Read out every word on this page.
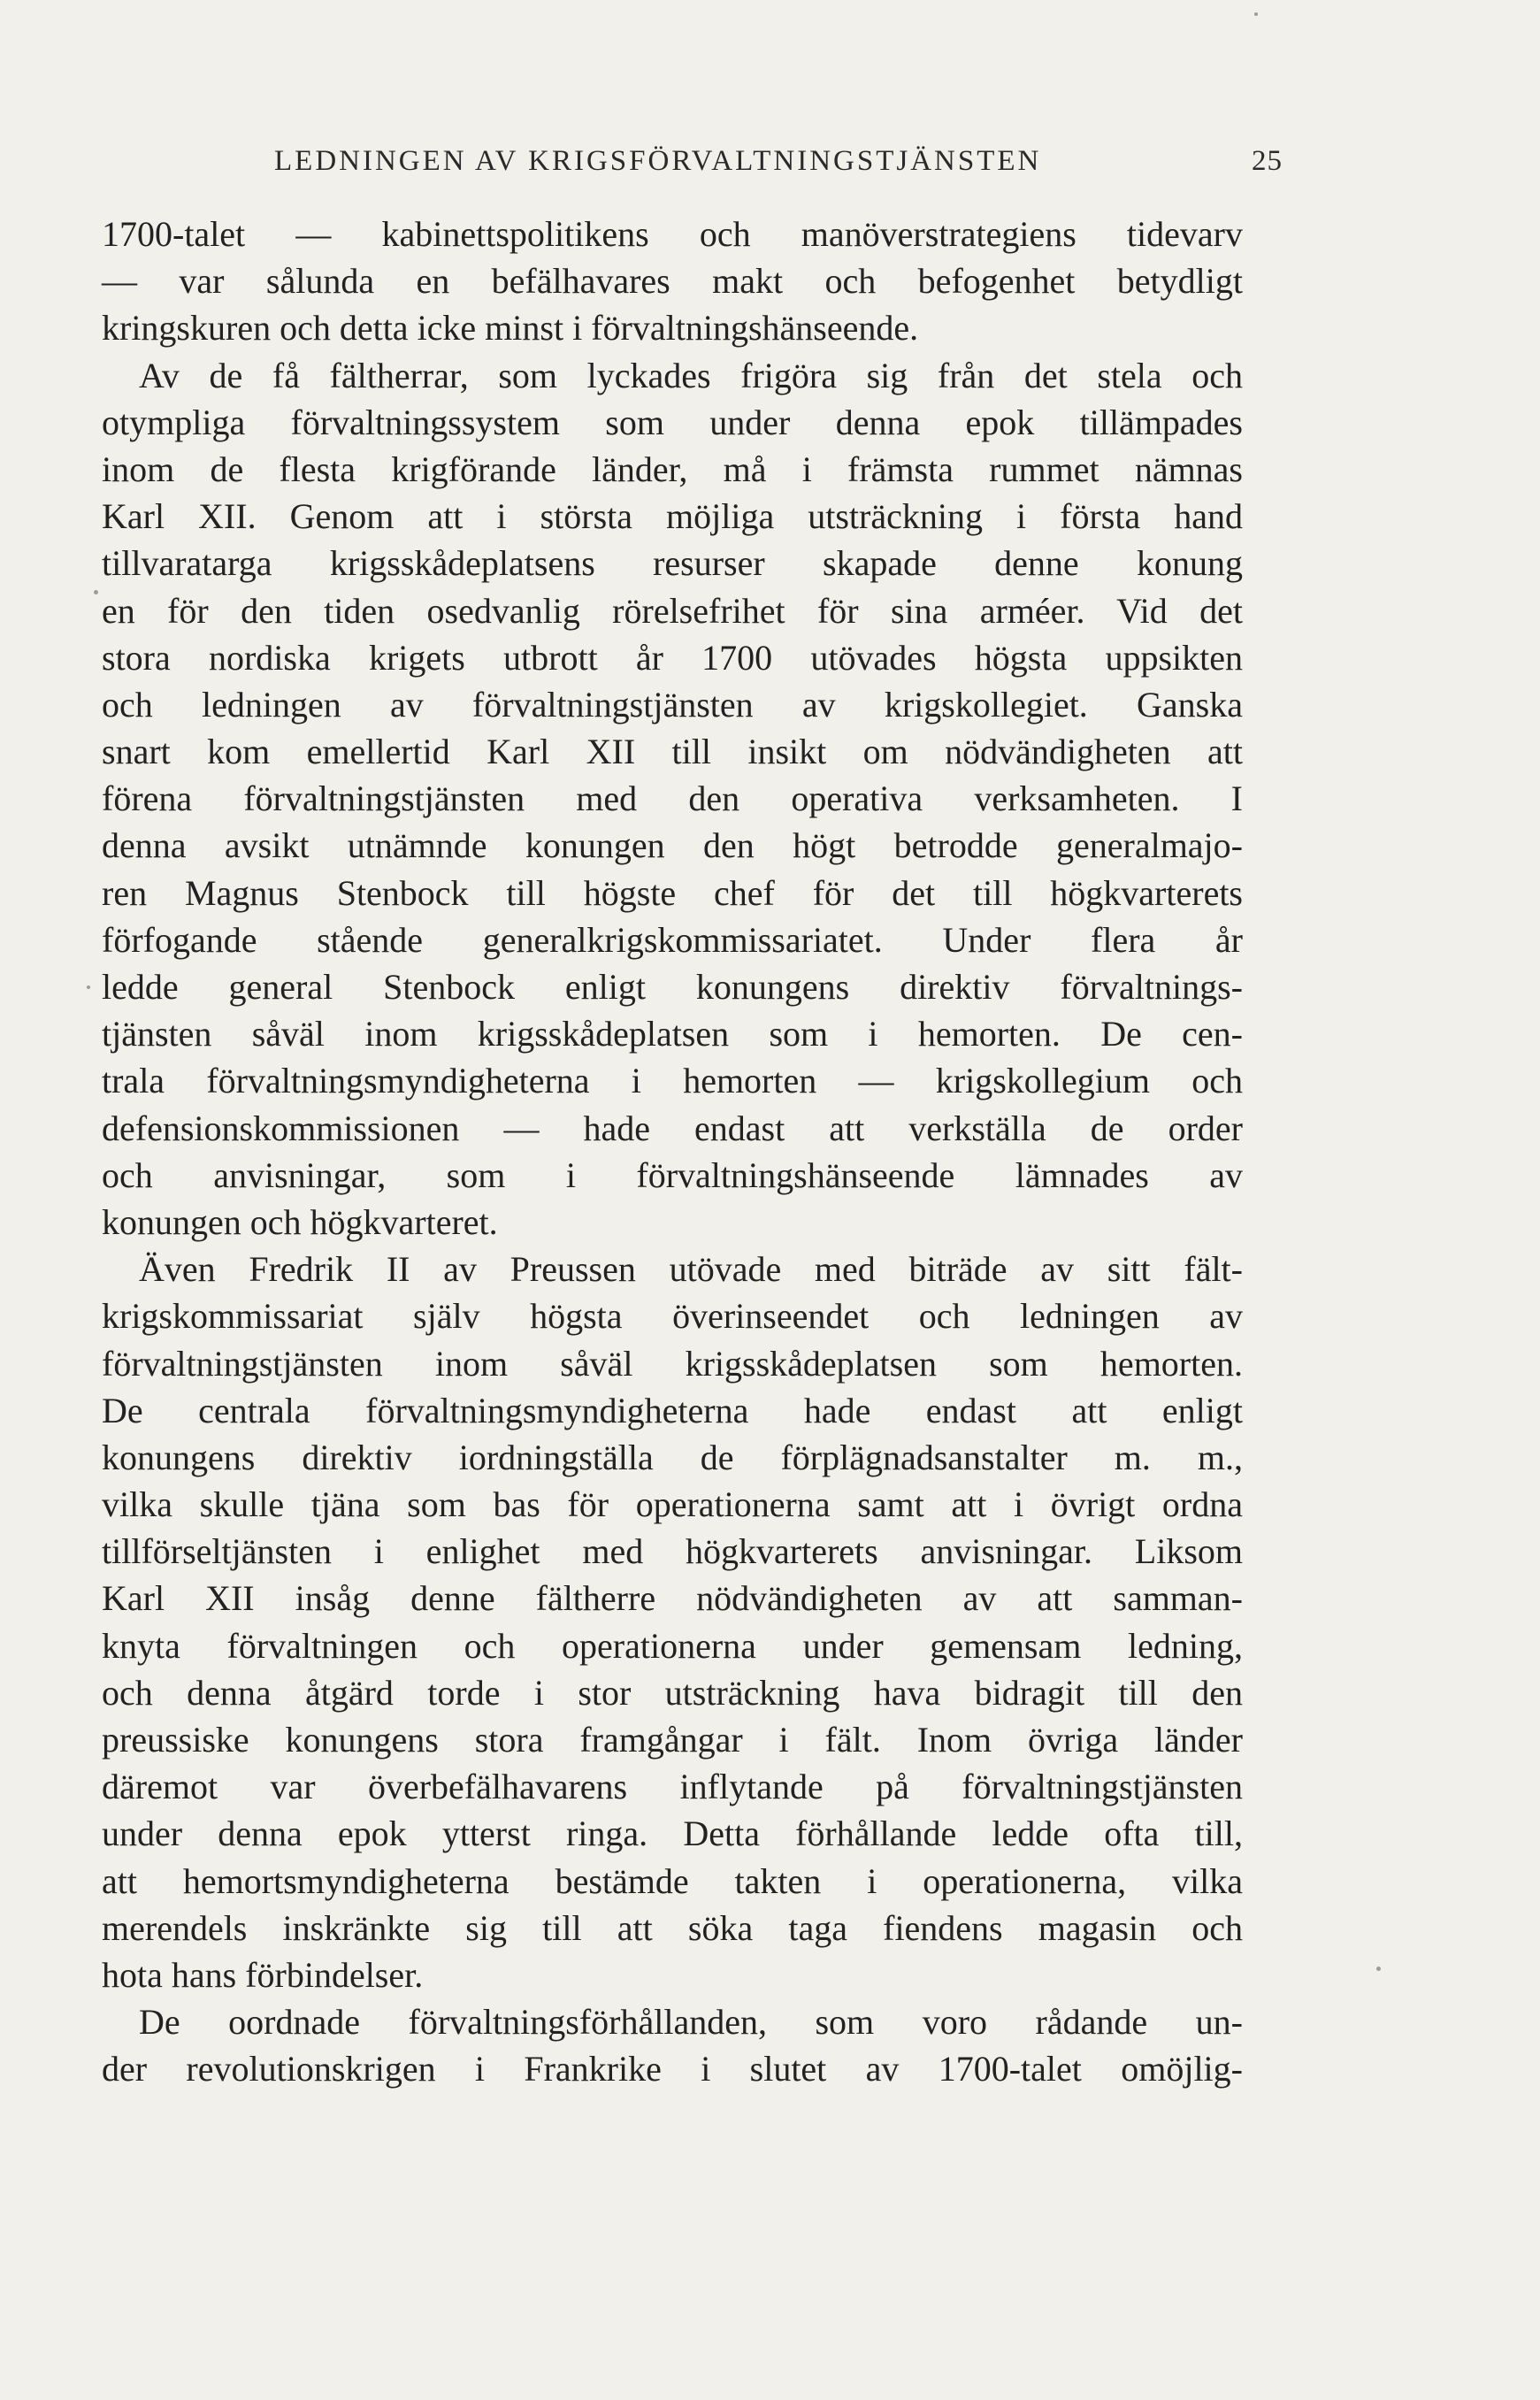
LEDNINGEN AV KRIGSFÖRVALTNINGSTJÄNSTEN	25
1700-talet — kabinettspolitikens och manöverstrategiens tidevarv
— var sålunda en befälhavares makt och befogenhet betydligt
kringskuren och detta icke minst i förvaltningshänseende.
Av de få fältherrar, som lyckades frigöra sig från det stela och
otympliga förvaltningssystem som under denna epok tillämpades
inom de flesta krigförande länder, må i främsta rummet nämnas
Karl XII. Genom att i största möjliga utsträckning i första hand
tillvaratarga krigsskådeplatsens resurser skapade denne konung
en för den tiden osedvanlig rörelsefrihet för sina arméer. Vid det
stora nordiska krigets utbrott år 1700 utövades högsta uppsikten
och ledningen av förvaltningstjänsten av krigskollegiet. Ganska
snart kom emellertid Karl XII till insikt om nödvändigheten att
förena förvaltningstjänsten med den operativa verksamheten. I
denna avsikt utnämnde konungen den högt betrodde generalmajo-
ren Magnus Stenbock till högste chef för det till högkvarterets
förfogande stående generalkrigskommissariatet. Under flera år
ledde general Stenbock enligt konungens direktiv förvaltnings-
tjänsten såväl inom krigsskådeplatsen som i hemorten. De cen-
trala förvaltningsmyndigheterna i hemorten — krigskollegium och
defensionskommissionen — hade endast att verkställa de order
och anvisningar, som i förvaltningshänseende lämnades av
konungen och högkvarteret.
Även Fredrik II av Preussen utövade med biträde av sitt fält-
krigskommissariat själv högsta överinseendet och ledningen av
förvaltningstjänsten inom såväl krigsskådeplatsen som hemorten.
De centrala förvaltningsmyndigheterna hade endast att enligt
konungens direktiv iordningställa de förplägnadsanstalter m. m.,
vilka skulle tjäna som bas för operationerna samt att i övrigt ordna
tillförseltjänsten i enlighet med högkvarterets anvisningar. Liksom
Karl XII insåg denne fältherre nödvändigheten av att samman-
knyta förvaltningen och operationerna under gemensam ledning,
och denna åtgärd torde i stor utsträckning hava bidragit till den
preussiske konungens stora framgångar i fält. Inom övriga länder
däremot var överbefälhavarens inflytande på förvaltningstjänsten
under denna epok ytterst ringa. Detta förhållande ledde ofta till,
att hemortsmyndigheterna bestämde takten i operationerna, vilka
merendels inskränkte sig till att söka taga fiendens magasin och
hota hans förbindelser.
De oordnade förvaltningsförhållanden, som voro rådande un-
der revolutionskrigen i Frankrike i slutet av 1700-talet omöjlig-
